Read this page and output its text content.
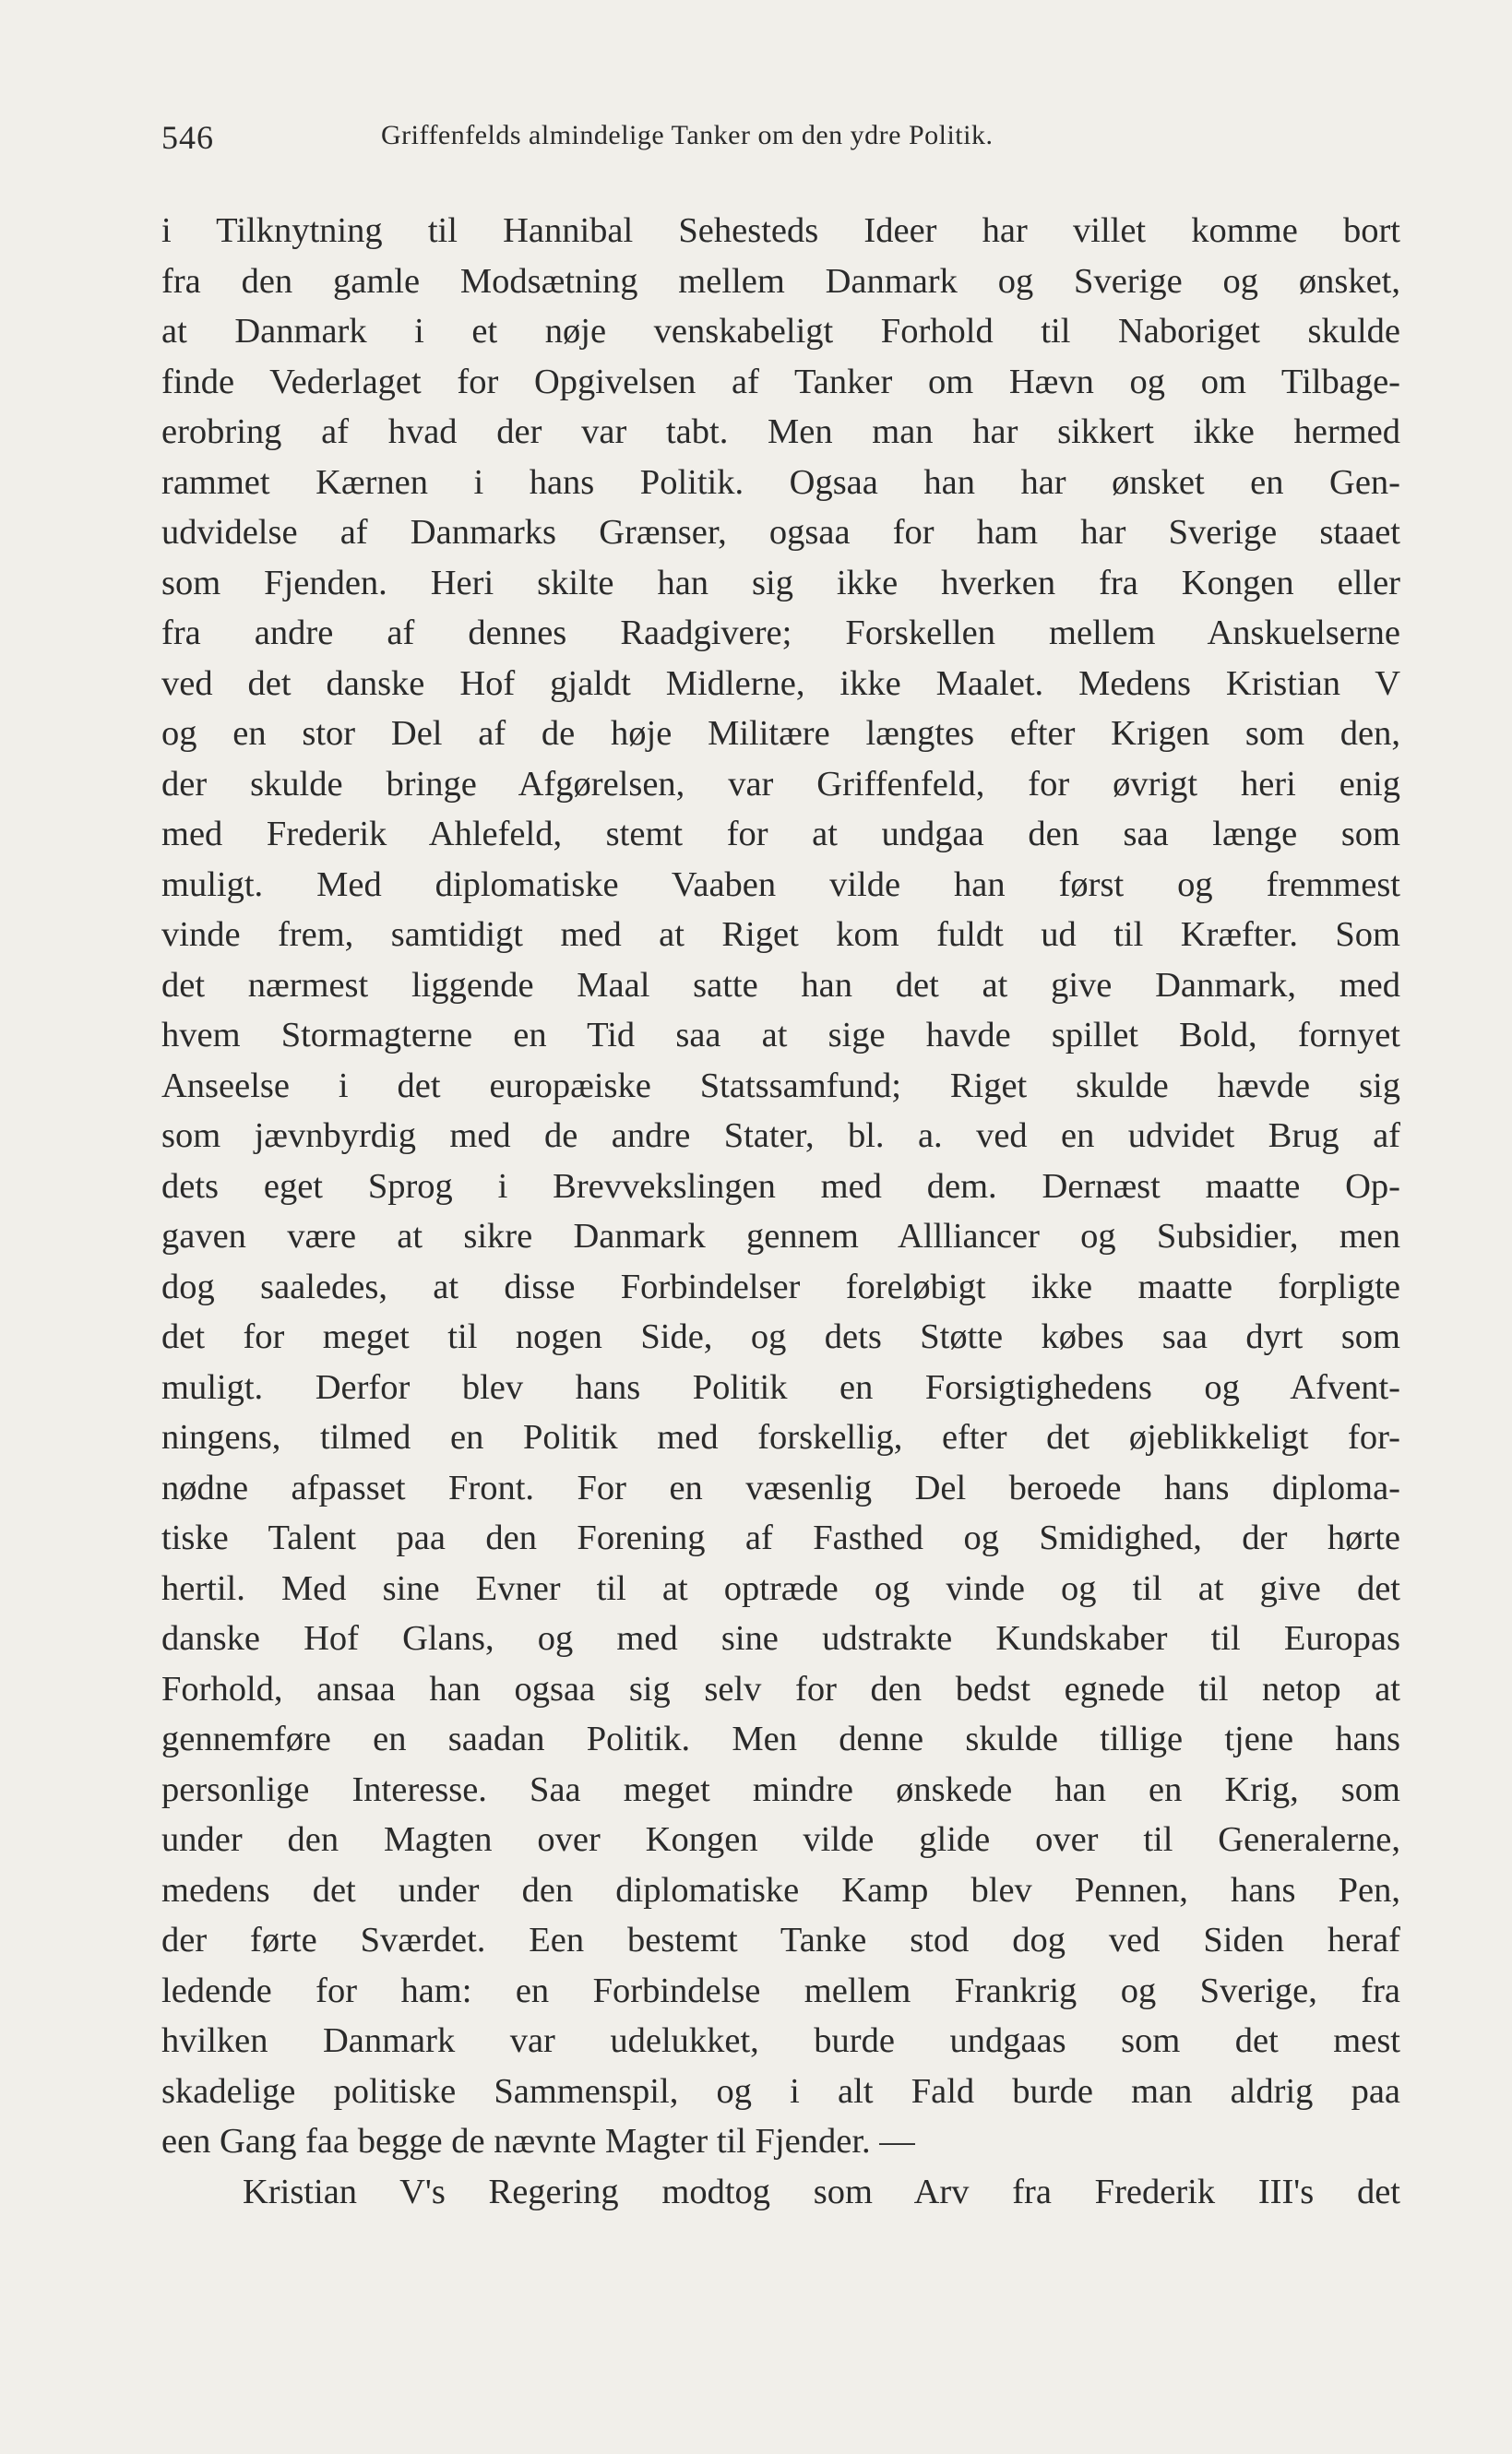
546	Griffenfelds almindelige Tanker om den ydre Politik.
i Tilknytning til Hannibal Sehesteds Ideer har villet komme bort
fra den gamle Modsætning mellem Danmark og Sverige og ønsket,
at Danmark i et nøje venskabeligt Forhold til Naboriget skulde
finde Vederlaget for Opgivelsen af Tanker om Hævn og om Tilbage-
erobring af hvad der var tabt. Men man har sikkert ikke hermed
rammet Kærnen i hans Politik. Ogsaa han har ønsket en Gen-
udvidelse af Danmarks Grænser, ogsaa for ham har Sverige staaet
som Fjenden. Heri skilte han sig ikke hverken fra Kongen eller
fra andre af dennes Raadgivere; Forskellen mellem Anskuelserne
ved det danske Hof gjaldt Midlerne, ikke Maalet. Medens Kristian V
og en stor Del af de høje Militære længtes efter Krigen som den,
der skulde bringe Afgørelsen, var Griffenfeld, for øvrigt heri enig
med Frederik Ahlefeld, stemt for at undgaa den saa længe som
muligt. Med diplomatiske Vaaben vilde han først og fremmest
vinde frem, samtidigt med at Riget kom fuldt ud til Kræfter. Som
det nærmest liggende Maal satte han det at give Danmark, med
hvem Stormagterne en Tid saa at sige havde spillet Bold, fornyet
Anseelse i det europæiske Statssamfund; Riget skulde hævde sig
som jævnbyrdig med de andre Stater, bl. a. ved en udvidet Brug af
dets eget Sprog i Brevvekslingen med dem. Dernæst maatte Op-
gaven være at sikre Danmark gennem Allliancer og Subsidier, men
dog saaledes, at disse Forbindelser foreløbigt ikke maatte forpligte
det for meget til nogen Side, og dets Støtte købes saa dyrt som
muligt. Derfor blev hans Politik en Forsigtighedens og Afvent-
ningens, tilmed en Politik med forskellig, efter det øjeblikkeligt for-
nødne afpasset Front. For en væsenlig Del beroede hans diploma-
tiske Talent paa den Forening af Fasthed og Smidighed, der hørte
hertil. Med sine Evner til at optræde og vinde og til at give det
danske Hof Glans, og med sine udstrakte Kundskaber til Europas
Forhold, ansaa han ogsaa sig selv for den bedst egnede til netop at
gennemføre en saadan Politik. Men denne skulde tillige tjene hans
personlige Interesse. Saa meget mindre ønskede han en Krig, som
under den Magten over Kongen vilde glide over til Generalerne,
medens det under den diplomatiske Kamp blev Pennen, hans Pen,
der førte Sværdet. Een bestemt Tanke stod dog ved Siden heraf
ledende for ham: en Forbindelse mellem Frankrig og Sverige, fra
hvilken Danmark var udelukket, burde undgaas som det mest
skadelige politiske Sammenspil, og i alt Fald burde man aldrig paa
een Gang faa begge de nævnte Magter til Fjender. —
Kristian V's Regering modtog som Arv fra Frederik III's det
